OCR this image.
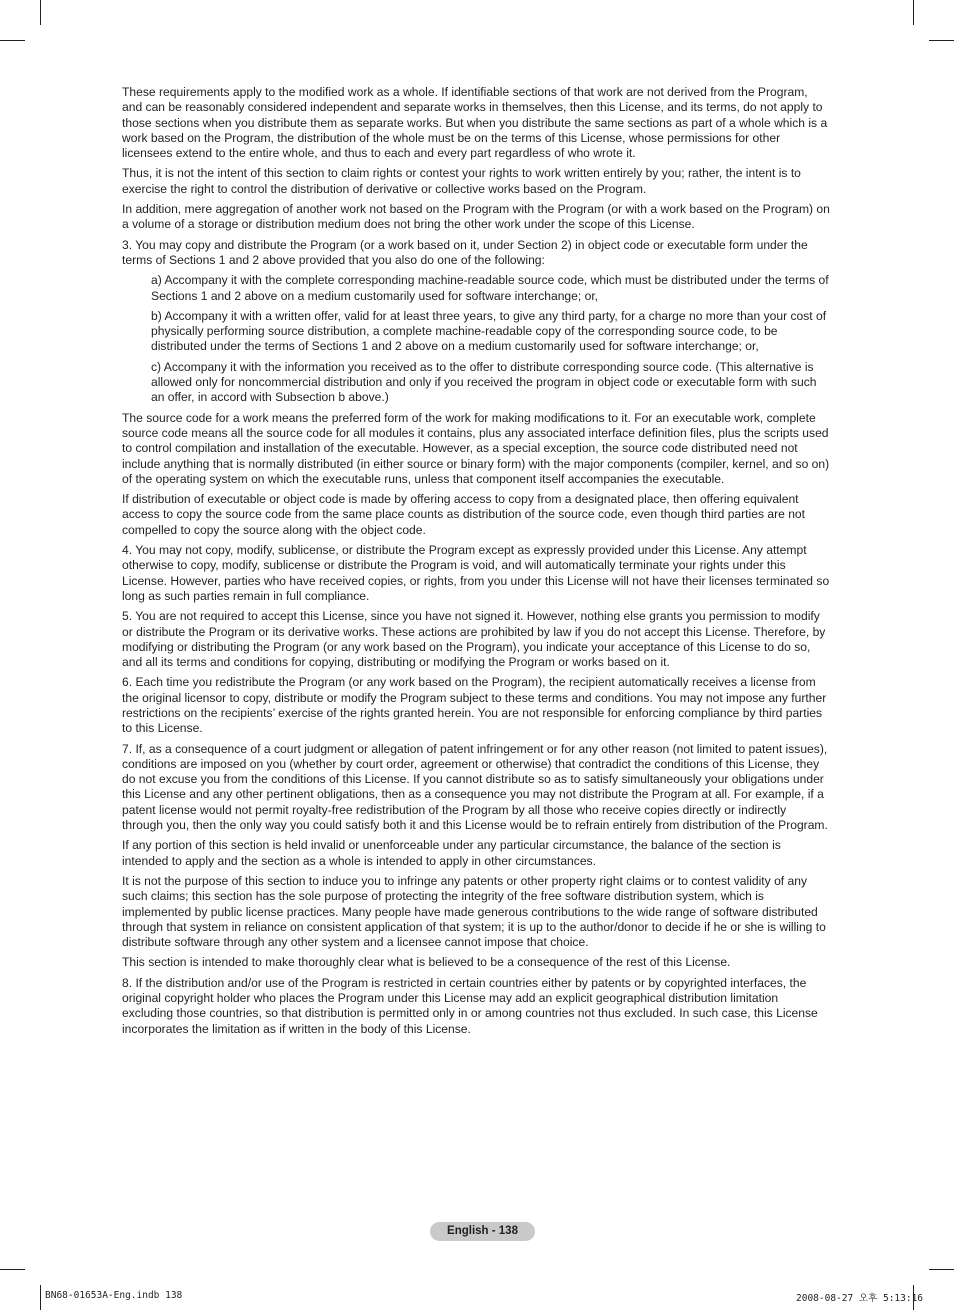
These requirements apply to the modified work as a whole. If identifiable sections of that work are not derived from the Program, and can be reasonably considered independent and separate works in themselves, then this License, and its terms, do not apply to those sections when you distribute them as separate works. But when you distribute the same sections as part of a whole which is a work based on the Program, the distribution of the whole must be on the terms of this License, whose permissions for other licensees extend to the entire whole, and thus to each and every part regardless of who wrote it.

Thus, it is not the intent of this section to claim rights or contest your rights to work written entirely by you; rather, the intent is to exercise the right to control the distribution of derivative or collective works based on the Program.

In addition, mere aggregation of another work not based on the Program with the Program (or with a work based on the Program) on a volume of a storage or distribution medium does not bring the other work under the scope of this License.

3. You may copy and distribute the Program (or a work based on it, under Section 2) in object code or executable form under the terms of Sections 1 and 2 above provided that you also do one of the following:

a) Accompany it with the complete corresponding machine-readable source code, which must be distributed under the terms of Sections 1 and 2 above on a medium customarily used for software interchange; or,

b) Accompany it with a written offer, valid for at least three years, to give any third party, for a charge no more than your cost of physically performing source distribution, a complete machine-readable copy of the corresponding source code, to be distributed under the terms of Sections 1 and 2 above on a medium customarily used for software interchange; or,

c) Accompany it with the information you received as to the offer to distribute corresponding source code. (This alternative is allowed only for noncommercial distribution and only if you received the program in object code or executable form with such an offer, in accord with Subsection b above.)

The source code for a work means the preferred form of the work for making modifications to it. For an executable work, complete source code means all the source code for all modules it contains, plus any associated interface definition files, plus the scripts used to control compilation and installation of the executable. However, as a special exception, the source code distributed need not include anything that is normally distributed (in either source or binary form) with the major components (compiler, kernel, and so on) of the operating system on which the executable runs, unless that component itself accompanies the executable.

If distribution of executable or object code is made by offering access to copy from a designated place, then offering equivalent access to copy the source code from the same place counts as distribution of the source code, even though third parties are not compelled to copy the source along with the object code.

4. You may not copy, modify, sublicense, or distribute the Program except as expressly provided under this License. Any attempt otherwise to copy, modify, sublicense or distribute the Program is void, and will automatically terminate your rights under this License. However, parties who have received copies, or rights, from you under this License will not have their licenses terminated so long as such parties remain in full compliance.

5. You are not required to accept this License, since you have not signed it. However, nothing else grants you permission to modify or distribute the Program or its derivative works. These actions are prohibited by law if you do not accept this License. Therefore, by modifying or distributing the Program (or any work based on the Program), you indicate your acceptance of this License to do so, and all its terms and conditions for copying, distributing or modifying the Program or works based on it.

6. Each time you redistribute the Program (or any work based on the Program), the recipient automatically receives a license from the original licensor to copy, distribute or modify the Program subject to these terms and conditions. You may not impose any further restrictions on the recipients’ exercise of the rights granted herein. You are not responsible for enforcing compliance by third parties to this License.

7. If, as a consequence of a court judgment or allegation of patent infringement or for any other reason (not limited to patent issues), conditions are imposed on you (whether by court order, agreement or otherwise) that contradict the conditions of this License, they do not excuse you from the conditions of this License. If you cannot distribute so as to satisfy simultaneously your obligations under this License and any other pertinent obligations, then as a consequence you may not distribute the Program at all. For example, if a patent license would not permit royalty-free redistribution of the Program by all those who receive copies directly or indirectly through you, then the only way you could satisfy both it and this License would be to refrain entirely from distribution of the Program.

If any portion of this section is held invalid or unenforceable under any particular circumstance, the balance of the section is intended to apply and the section as a whole is intended to apply in other circumstances.

It is not the purpose of this section to induce you to infringe any patents or other property right claims or to contest validity of any such claims; this section has the sole purpose of protecting the integrity of the free software distribution system, which is implemented by public license practices. Many people have made generous contributions to the wide range of software distributed through that system in reliance on consistent application of that system; it is up to the author/donor to decide if he or she is willing to distribute software through any other system and a licensee cannot impose that choice.

This section is intended to make thoroughly clear what is believed to be a consequence of the rest of this License.

8. If the distribution and/or use of the Program is restricted in certain countries either by patents or by copyrighted interfaces, the original copyright holder who places the Program under this License may add an explicit geographical distribution limitation excluding those countries, so that distribution is permitted only in or among countries not thus excluded. In such case, this License incorporates the limitation as if written in the body of this License.

English - 138
BN68-01653A-Eng.indb 138	2008-08-27 오후 5:13:16
